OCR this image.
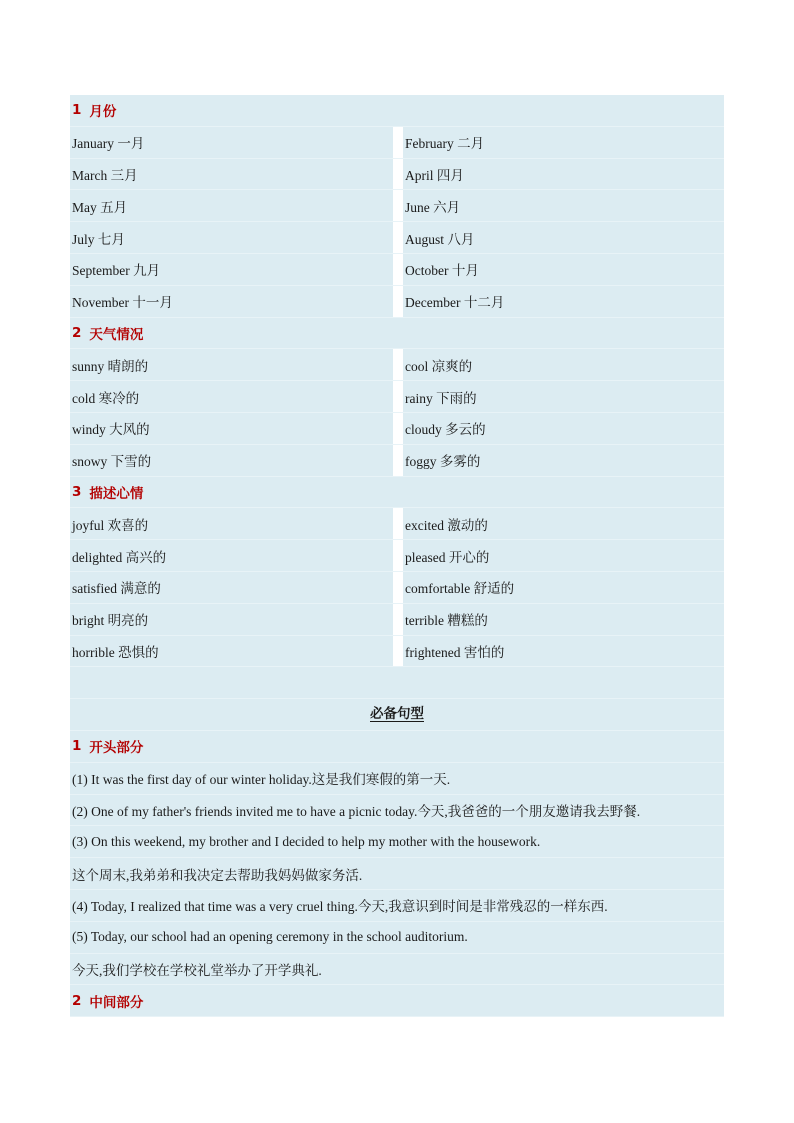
1 月份
January 一月	February 二月
March 三月	April 四月
May 五月	June 六月
July 七月	August 八月
September 九月	October 十月
November 十一月	December 十二月
2 天气情况
sunny 晴朗的	cool 凉爽的
cold 寒冷的	rainy 下雨的
windy 大风的	cloudy 多云的
snowy 下雪的	foggy 多雾的
3 描述心情
joyful 欢喜的	excited 激动的
delighted 高兴的	pleased 开心的
satisfied 满意的	comfortable 舒适的
bright 明亮的	terrible 糟糕的
horrible 恐惧的	frightened 害怕的
必备句型
1 开头部分
(1) It was the first day of our winter holiday.这是我们寒假的第一天.
(2) One of my father's friends invited me to have a picnic today.今天,我爸爸的一个朋友邀请我去野餐.
(3) On this weekend, my brother and I decided to help my mother with the housework.
这个周末,我弟弟和我决定去帮助我妈妈做家务活.
(4) Today, I realized that time was a very cruel thing.今天,我意识到时间是非常残忍的一样东西.
(5) Today, our school had an opening ceremony in the school auditorium.
今天,我们学校在学校礼堂举办了开学典礼.
2 中间部分
